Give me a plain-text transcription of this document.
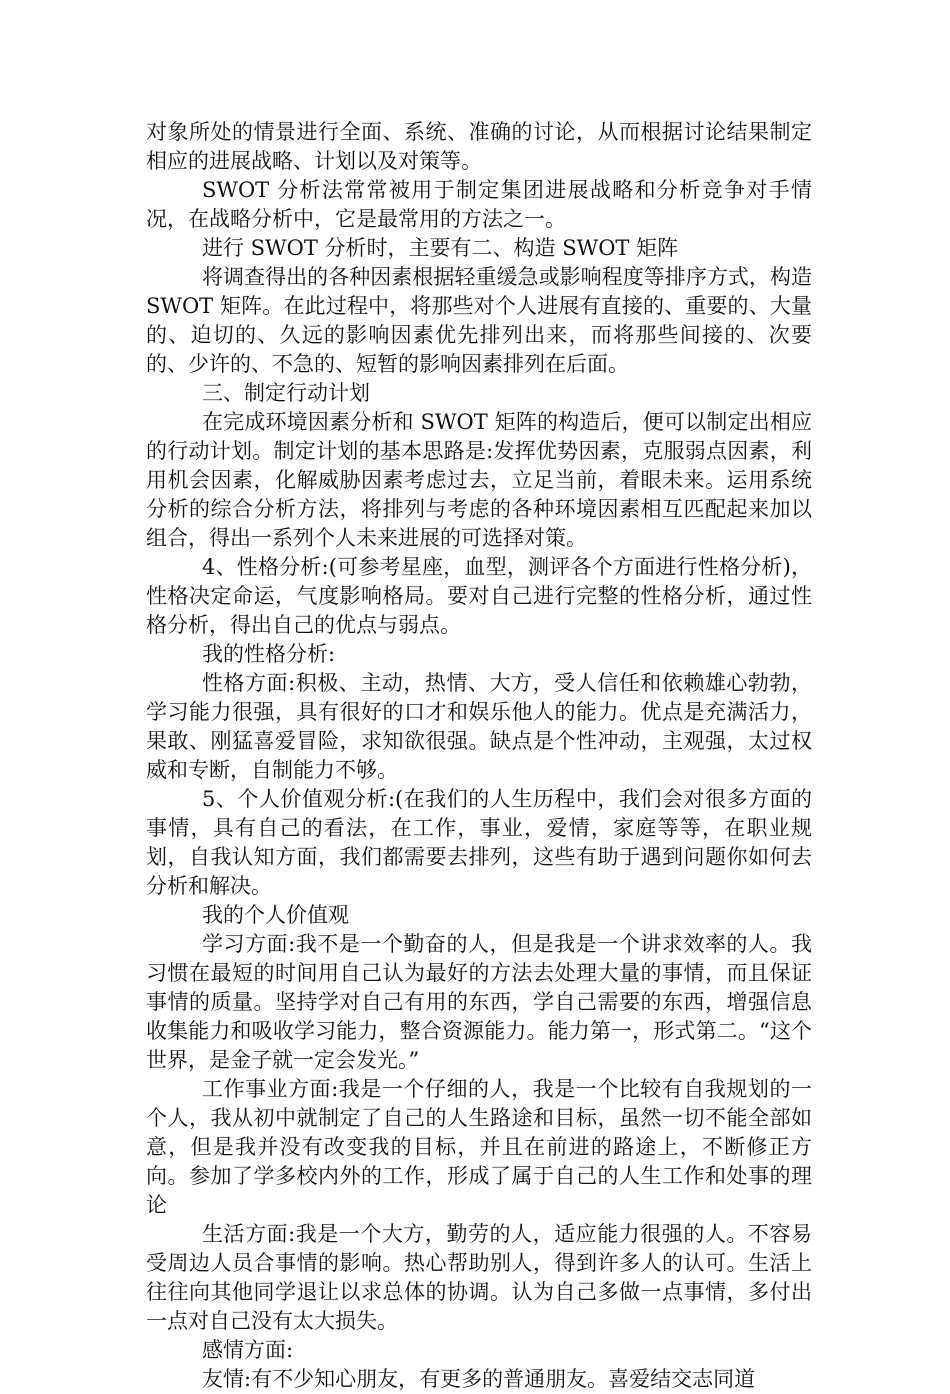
对象所处的情景进行全面、系统、准确的讨论，从而根据讨论结果制定相应的进展战略、计划以及对策等。

SWOT 分析法常常被用于制定集团进展战略和分析竞争对手情况，在战略分析中，它是最常用的方法之一。

进行 SWOT 分析时，主要有二、构造 SWOT 矩阵

将调查得出的各种因素根据轻重缓急或影响程度等排序方式，构造 SWOT 矩阵。在此过程中，将那些对个人进展有直接的、重要的、大量的、迫切的、久远的影响因素优先排列出来，而将那些间接的、次要的、少许的、不急的、短暂的影响因素排列在后面。

三、制定行动计划

在完成环境因素分析和 SWOT 矩阵的构造后，便可以制定出相应的行动计划。制定计划的基本思路是:发挥优势因素，克服弱点因素，利用机会因素，化解威胁因素考虑过去，立足当前，着眼未来。运用系统分析的综合分析方法，将排列与考虑的各种环境因素相互匹配起来加以组合，得出一系列个人未来进展的可选择对策。

4、性格分析:(可参考星座，血型，测评各个方面进行性格分析)，性格决定命运，气度影响格局。要对自己进行完整的性格分析，通过性格分析，得出自己的优点与弱点。

我的性格分析:

性格方面:积极、主动，热情、大方，受人信任和依赖雄心勃勃，学习能力很强，具有很好的口才和娱乐他人的能力。优点是充满活力，果敢、刚猛喜爱冒险，求知欲很强。缺点是个性冲动，主观强，太过权威和专断，自制能力不够。

5、个人价值观分析:(在我们的人生历程中，我们会对很多方面的事情，具有自己的看法，在工作，事业，爱情，家庭等等，在职业规划，自我认知方面，我们都需要去排列，这些有助于遇到问题你如何去分析和解决。

我的个人价值观

学习方面:我不是一个勤奋的人，但是我是一个讲求效率的人。我习惯在最短的时间用自己认为最好的方法去处理大量的事情，而且保证事情的质量。坚持学对自己有用的东西，学自己需要的东西，增强信息收集能力和吸收学习能力，整合资源能力。能力第一，形式第二。“这个世界，是金子就一定会发光。”

工作事业方面:我是一个仔细的人，我是一个比较有自我规划的一个人，我从初中就制定了自己的人生路途和目标，虽然一切不能全部如意，但是我并没有改变我的目标，并且在前进的路途上，不断修正方向。参加了学多校内外的工作，形成了属于自己的人生工作和处事的理论

生活方面:我是一个大方，勤劳的人，适应能力很强的人。不容易受周边人员合事情的影响。热心帮助别人，得到许多人的认可。生活上往往向其他同学退让以求总体的协调。认为自己多做一点事情，多付出一点对自己没有太大损失。

感情方面:

友情:有不少知心朋友，有更多的普通朋友。喜爱结交志同道
